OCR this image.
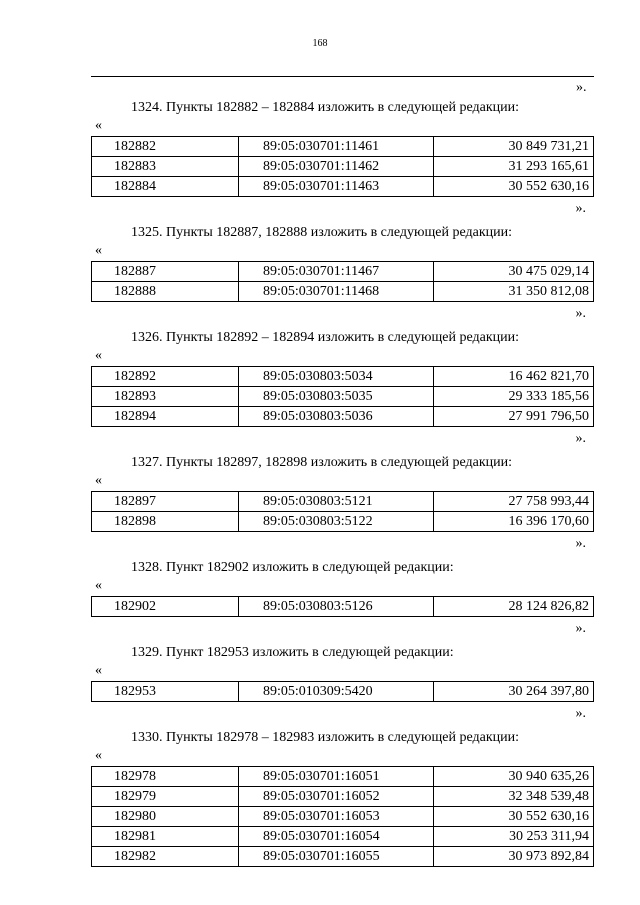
168
».
1324. Пункты 182882 – 182884 изложить в следующей редакции:
«
182882	89:05:030701:11461	30 849 731,21
182883	89:05:030701:11462	31 293 165,61
182884	89:05:030701:11463	30 552 630,16
».
1325. Пункты 182887, 182888 изложить в следующей редакции:
«
182887	89:05:030701:11467	30 475 029,14
182888	89:05:030701:11468	31 350 812,08
».
1326. Пункты 182892 – 182894 изложить в следующей редакции:
«
182892	89:05:030803:5034	16 462 821,70
182893	89:05:030803:5035	29 333 185,56
182894	89:05:030803:5036	27 991 796,50
».
1327. Пункты 182897, 182898 изложить в следующей редакции:
«
182897	89:05:030803:5121	27 758 993,44
182898	89:05:030803:5122	16 396 170,60
».
1328. Пункт 182902 изложить в следующей редакции:
«
182902	89:05:030803:5126	28 124 826,82
».
1329. Пункт 182953 изложить в следующей редакции:
«
182953	89:05:010309:5420	30 264 397,80
».
1330. Пункты 182978 – 182983 изложить в следующей редакции:
«
182978	89:05:030701:16051	30 940 635,26
182979	89:05:030701:16052	32 348 539,48
182980	89:05:030701:16053	30 552 630,16
182981	89:05:030701:16054	30 253 311,94
182982	89:05:030701:16055	30 973 892,84
